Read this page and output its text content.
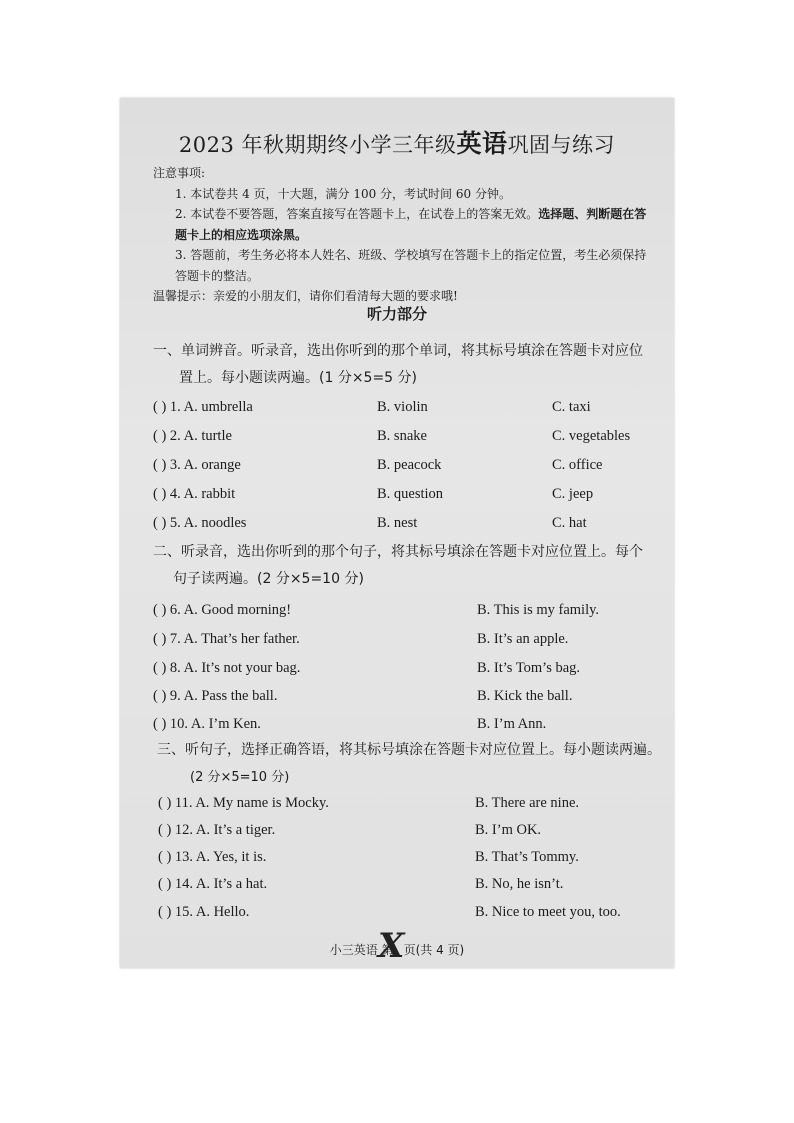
2023 年秋期期终小学三年级英语巩固与练习
注意事项:
1. 本试卷共 4 页，十大题，满分 100 分，考试时间 60 分钟。
2. 本试卷不要答题，答案直接写在答题卡上，在试卷上的答案无效。选择题、判断题在答题卡上的相应选项涂黑。
3. 答题前，考生务必将本人姓名、班级、学校填写在答题卡上的指定位置，考生必须保持答题卡的整洁。
温馨提示：亲爱的小朋友们，请你们看清每大题的要求哦!
听力部分
一、单词辨音。听录音，选出你听到的那个单词，将其标号填涂在答题卡对应位
置上。每小题读两遍。(1 分×5=5 分)
( ) 1. A. umbrella	B. violin	C. taxi
( ) 2. A. turtle	B. snake	C. vegetables
( ) 3. A. orange	B. peacock	C. office
( ) 4. A. rabbit	B. question	C. jeep
( ) 5. A. noodles	B. nest	C. hat
二、听录音，选出你听到的那个句子，将其标号填涂在答题卡对应位置上。每个
句子读两遍。(2 分×5=10 分)
( ) 6. A. Good morning!	B. This is my family.
( ) 7. A. That’s her father.	B. It’s an apple.
( ) 8. A. It’s not your bag.	B. It’s Tom’s bag.
( ) 9. A. Pass the ball.	B. Kick the ball.
( ) 10. A. I’m Ken.	B. I’m Ann.
三、听句子，选择正确答语，将其标号填涂在答题卡对应位置上。每小题读两遍。
(2 分×5=10 分)
( ) 11. A. My name is Mocky.	B. There are nine.
( ) 12. A. It’s a tiger.	B. I’m OK.
( ) 13. A. Yes, it is.	B. That’s Tommy.
( ) 14. A. It’s a hat.	B. No, he isn’t.
( ) 15. A. Hello.	B. Nice to meet you, too.
小三英语 第 页(共 4 页)
X
